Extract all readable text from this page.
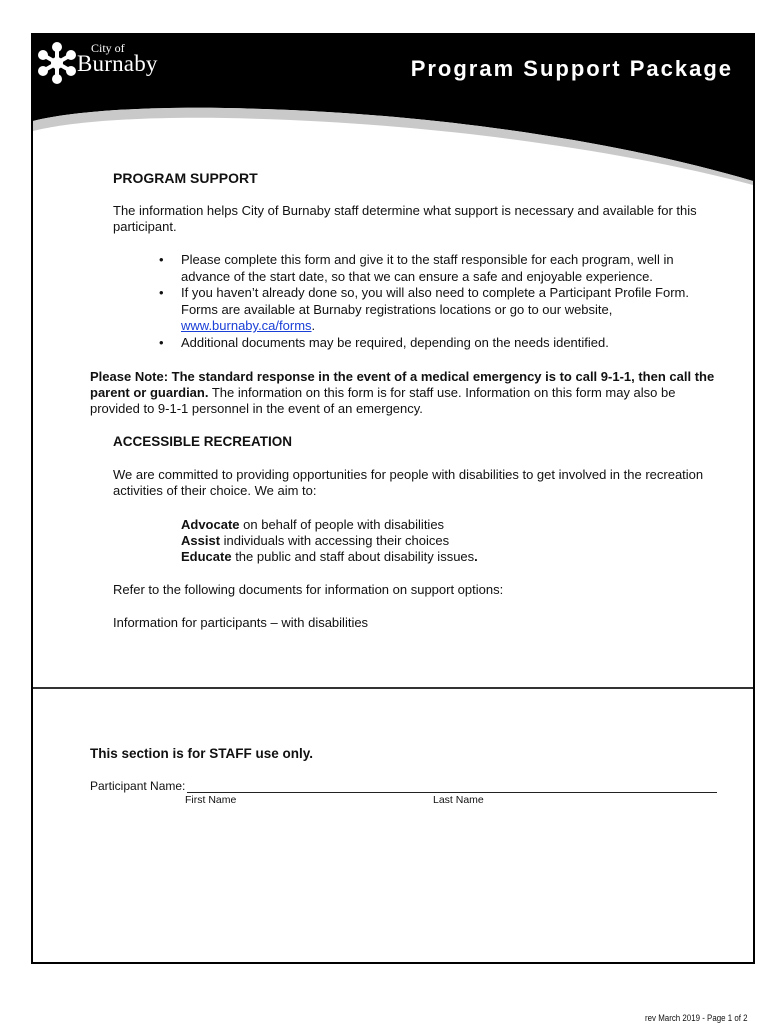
City of
Burnaby	Program Support Package
PROGRAM SUPPORT
The information helps City of Burnaby staff determine what support is necessary and available for this participant.
• Please complete this form and give it to the staff responsible for each program, well in advance of the start date, so that we can ensure a safe and enjoyable experience.
• If you haven’t already done so, you will also need to complete a Participant Profile Form. Forms are available at Burnaby registrations locations or go to our website, www.burnaby.ca/forms.
• Additional documents may be required, depending on the needs identified.
Please Note: The standard response in the event of a medical emergency is to call 9-1-1, then call the parent or guardian. The information on this form is for staff use. Information on this form may also be provided to 9-1-1 personnel in the event of an emergency.
ACCESSIBLE RECREATION
We are committed to providing opportunities for people with disabilities to get involved in the recreation activities of their choice. We aim to:
Advocate on behalf of people with disabilities
Assist individuals with accessing their choices
Educate the public and staff about disability issues.
Refer to the following documents for information on support options:
Information for participants – with disabilities
This section is for STAFF use only.
Participant Name:
First Name	Last Name
rev March 2019 - Page 1 of 2
